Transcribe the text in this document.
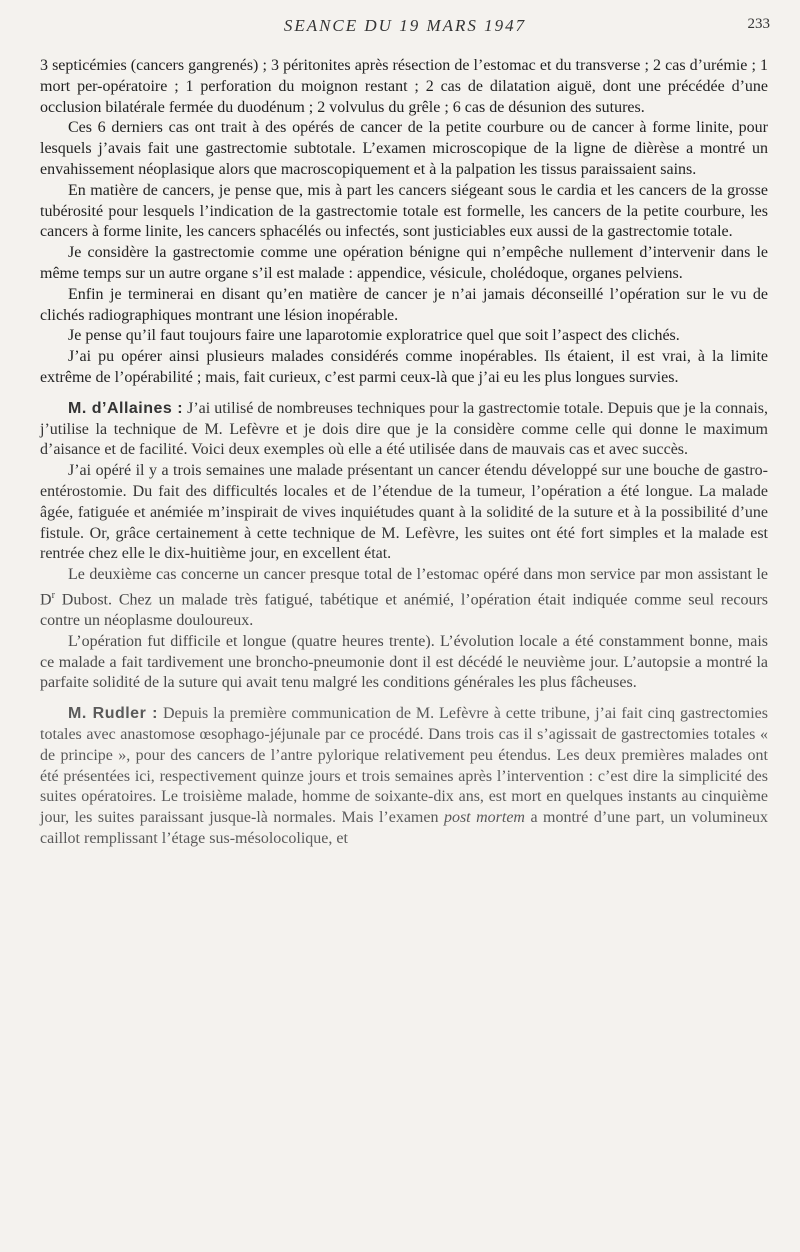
SEANCE DU 19 MARS 1947	233

3 septicémies (cancers gangrenés) ; 3 péritonites après résection de l’estomac et du transverse ; 2 cas d’urémie ; 1 mort per-opératoire ; 1 perforation du moignon restant ; 2 cas de dilatation aiguë, dont une précédée d’une occlusion bilatérale fermée du duodénum ; 2 volvulus du grêle ; 6 cas de désunion des sutures.

Ces 6 derniers cas ont trait à des opérés de cancer de la petite courbure ou de cancer à forme linite, pour lesquels j’avais fait une gastrectomie subtotale. L’examen microscopique de la ligne de dièrèse a montré un envahissement néoplasique alors que macroscopiquement et à la palpation les tissus paraissaient sains.

En matière de cancers, je pense que, mis à part les cancers siégeant sous le cardia et les cancers de la grosse tubérosité pour lesquels l’indication de la gastrectomie totale est formelle, les cancers de la petite courbure, les cancers à forme linite, les cancers sphacélés ou infectés, sont justiciables eux aussi de la gastrectomie totale.

Je considère la gastrectomie comme une opération bénigne qui n’empêche nullement d’intervenir dans le même temps sur un autre organe s’il est malade : appendice, vésicule, cholédoque, organes pelviens.

Enfin je terminerai en disant qu’en matière de cancer je n’ai jamais déconseillé l’opération sur le vu de clichés radiographiques montrant une lésion inopérable.

Je pense qu’il faut toujours faire une laparotomie exploratrice quel que soit l’aspect des clichés.

J’ai pu opérer ainsi plusieurs malades considérés comme inopérables. Ils étaient, il est vrai, à la limite extrême de l’opérabilité ; mais, fait curieux, c’est parmi ceux-là que j’ai eu les plus longues survies.

M. d’Allaines : J’ai utilisé de nombreuses techniques pour la gastrectomie totale. Depuis que je la connais, j’utilise la technique de M. Lefèvre et je dois dire que je la considère comme celle qui donne le maximum d’aisance et de facilité. Voici deux exemples où elle a été utilisée dans de mauvais cas et avec succès.

J’ai opéré il y a trois semaines une malade présentant un cancer étendu développé sur une bouche de gastro-entérostomie. Du fait des difficultés locales et de l’étendue de la tumeur, l’opération a été longue. La malade âgée, fatiguée et anémiée m’inspirait de vives inquiétudes quant à la solidité de la suture et à la possibilité d’une fistule. Or, grâce certainement à cette technique de M. Lefèvre, les suites ont été fort simples et la malade est rentrée chez elle le dix-huitième jour, en excellent état.

Le deuxième cas concerne un cancer presque total de l’estomac opéré dans mon service par mon assistant le $D^r$ Dubost. Chez un malade très fatigué, tabétique et anémié, l’opération était indiquée comme seul recours contre un néoplasme douloureux.

L’opération fut difficile et longue (quatre heures trente). L’évolution locale a été constamment bonne, mais ce malade a fait tardivement une broncho-pneumonie dont il est décédé le neuvième jour. L’autopsie a montré la parfaite solidité de la suture qui avait tenu malgré les conditions générales les plus fâcheuses.

M. Rudler : Depuis la première communication de M. Lefèvre à cette tribune, j’ai fait cinq gastrectomies totales avec anastomose œsophago-jéjunale par ce procédé. Dans trois cas il s’agissait de gastrectomies totales « de principe », pour des cancers de l’antre pylorique relativement peu étendus. Les deux premières malades ont été présentées ici, respectivement quinze jours et trois semaines après l’intervention : c’est dire la simplicité des suites opératoires. Le troisième malade, homme de soixante-dix ans, est mort en quelques instants au cinquième jour, les suites paraissant jusque-là normales. Mais l’examen post mortem a montré d’une part, un volumineux caillot remplissant l’étage sus-mésolocolique, et
